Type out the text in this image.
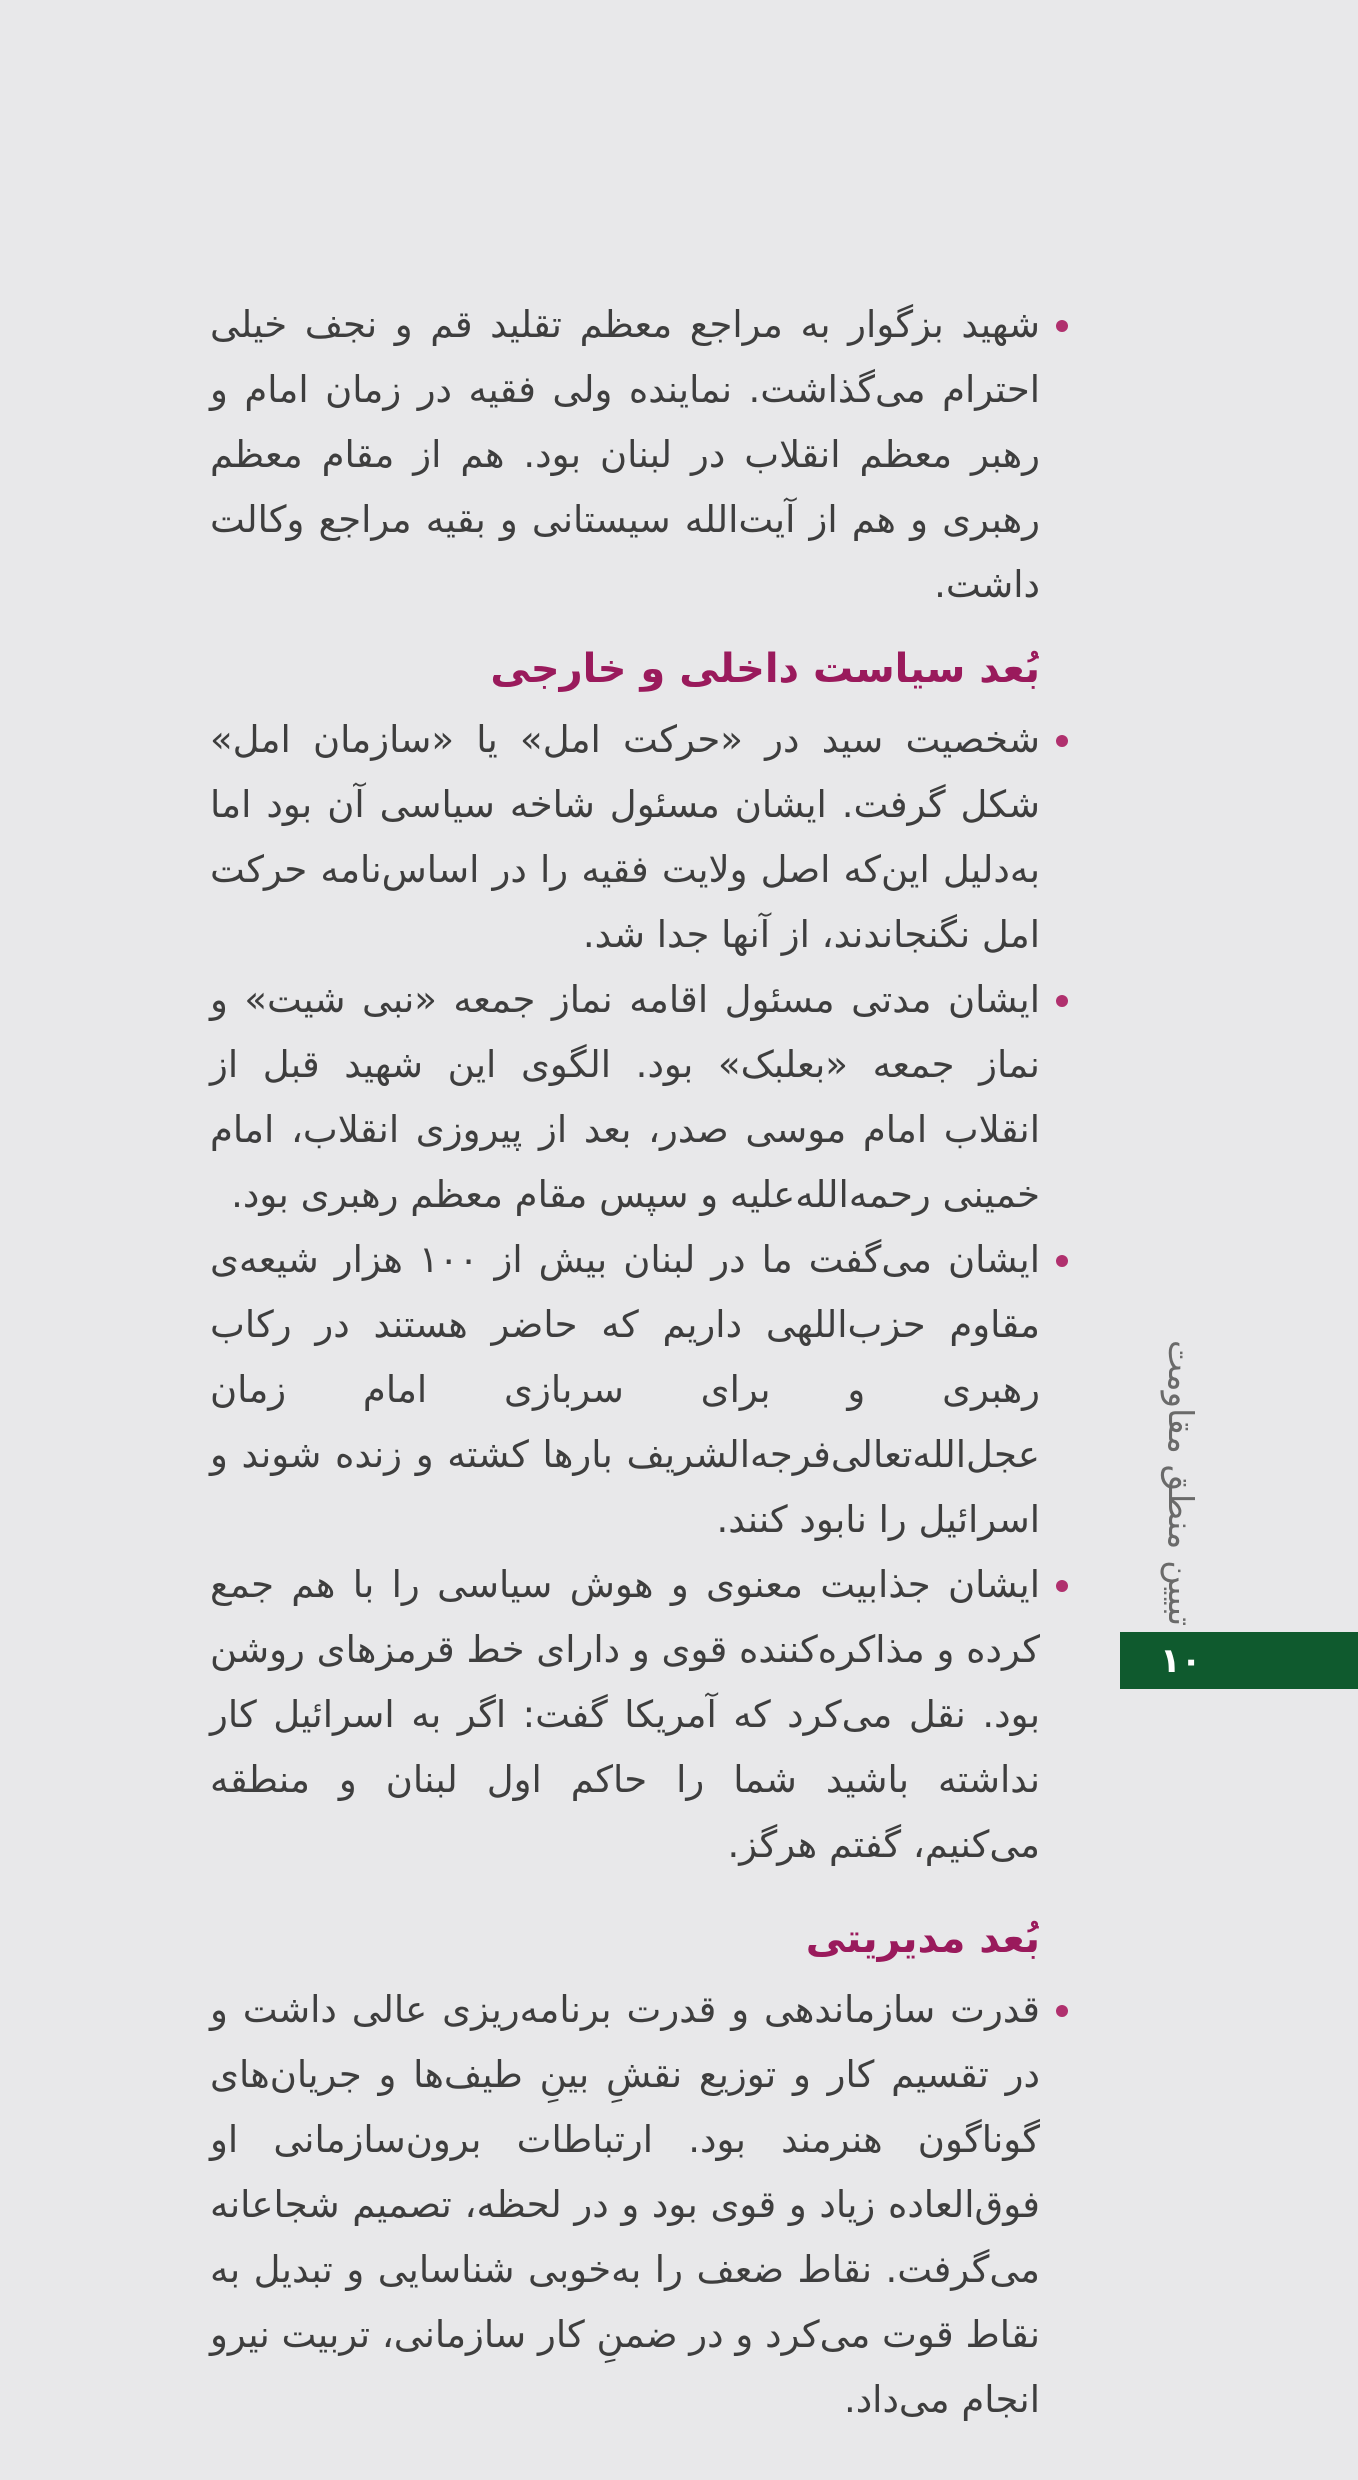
شهید بزگوار به مراجع معظم تقلید قم و نجف خیلی احترام می‌گذاشت. نماینده ولی فقیه در زمان امام و رهبر معظم انقلاب در لبنان بود. هم از مقام معظم رهبری و هم از آیت‌الله سیستانی و بقیه مراجع وکالت داشت.

بُعد سیاست داخلی و خارجی

شخصیت سید در «حرکت امل» یا «سازمان امل» شکل گرفت. ایشان مسئول شاخه سیاسی آن بود اما به‌دلیل این‌که اصل ولایت فقیه را در اساس‌نامه حرکت امل نگنجاندند، از آنها جدا شد.

ایشان مدتی مسئول اقامه نماز جمعه «نبی شیت» و نماز جمعه «بعلبک» بود. الگوی این شهید قبل از انقلاب امام موسی صدر، بعد از پیروزی انقلاب، امام خمینی رحمه‌الله‌علیه و سپس مقام معظم رهبری بود.

ایشان می‌گفت ما در لبنان بیش از ۱۰۰ هزار شیعه‌ی مقاوم حزب‌اللهی داریم که حاضر هستند در رکاب رهبری و برای سربازی امام زمان عجل‌الله‌تعالی‌فرجه‌الشریف بارها کشته و زنده شوند و اسرائیل را نابود کنند.

ایشان جذابیت معنوی و هوش سیاسی را با هم جمع کرده و مذاکره‌کننده قوی و دارای خط قرمزهای روشن بود. نقل می‌کرد که آمریکا گفت: اگر به اسرائیل کار نداشته باشید شما را حاکم اول لبنان و منطقه می‌کنیم، گفتم هرگز.

بُعد مدیریتی

قدرت سازماندهی و قدرت برنامه‌ریزی عالی داشت و در تقسیم کار و توزیع نقشِ بینِ طیف‌ها و جریان‌های گوناگون هنرمند بود. ارتباطات برون‌سازمانی او فوق‌العاده زیاد و قوی بود و در لحظه، تصمیم شجاعانه می‌گرفت. نقاط ضعف را به‌خوبی شناسایی و تبدیل به نقاط قوت می‌کرد و در ضمنِ کار سازمانی، تربیت نیرو انجام می‌داد.

تبیین منطق مقاومت
۱۰
